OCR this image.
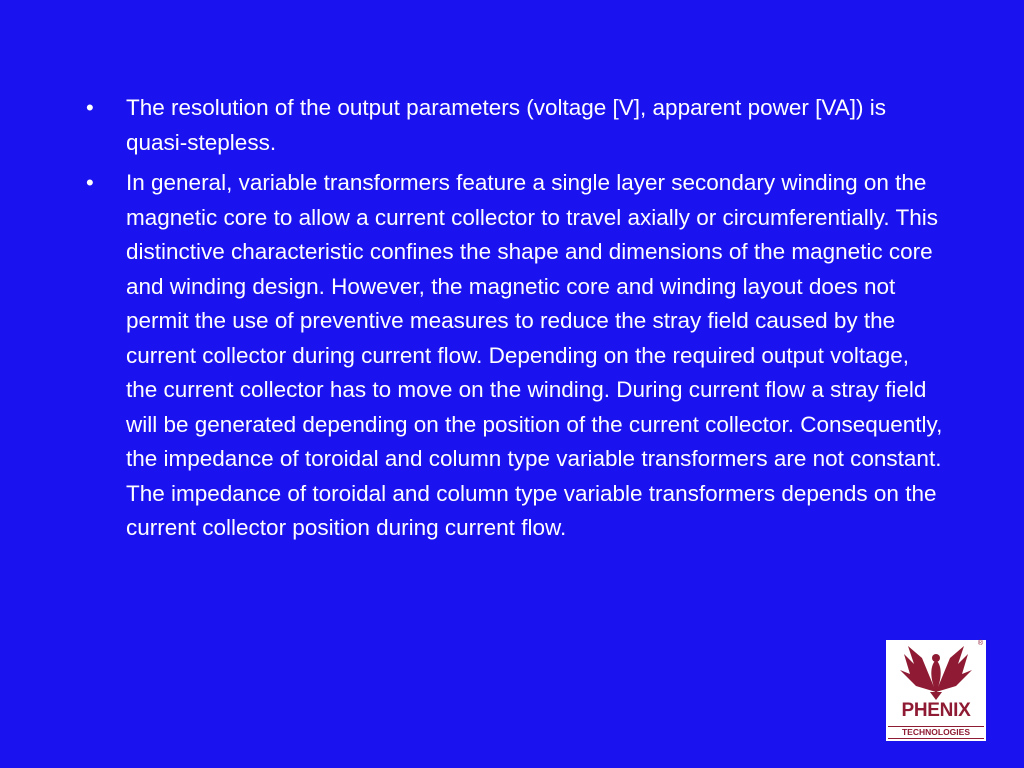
• The resolution of the output parameters (voltage [V], apparent power [VA]) is quasi-stepless.
• In general, variable transformers feature a single layer secondary winding on the magnetic core to allow a current collector to travel axially or circumferentially. This distinctive characteristic confines the shape and dimensions of the magnetic core and winding design. However, the magnetic core and winding layout does not permit the use of preventive measures to reduce the stray field caused by the current collector during current flow. Depending on the required output voltage, the current collector has to move on the winding. During current flow a stray field will be generated depending on the position of the current collector. Consequently, the impedance of toroidal and column type variable transformers are not constant. The impedance of toroidal and column type variable transformers depends on the current collector position during current flow.
®
PHENIX
TECHNOLOGIES
